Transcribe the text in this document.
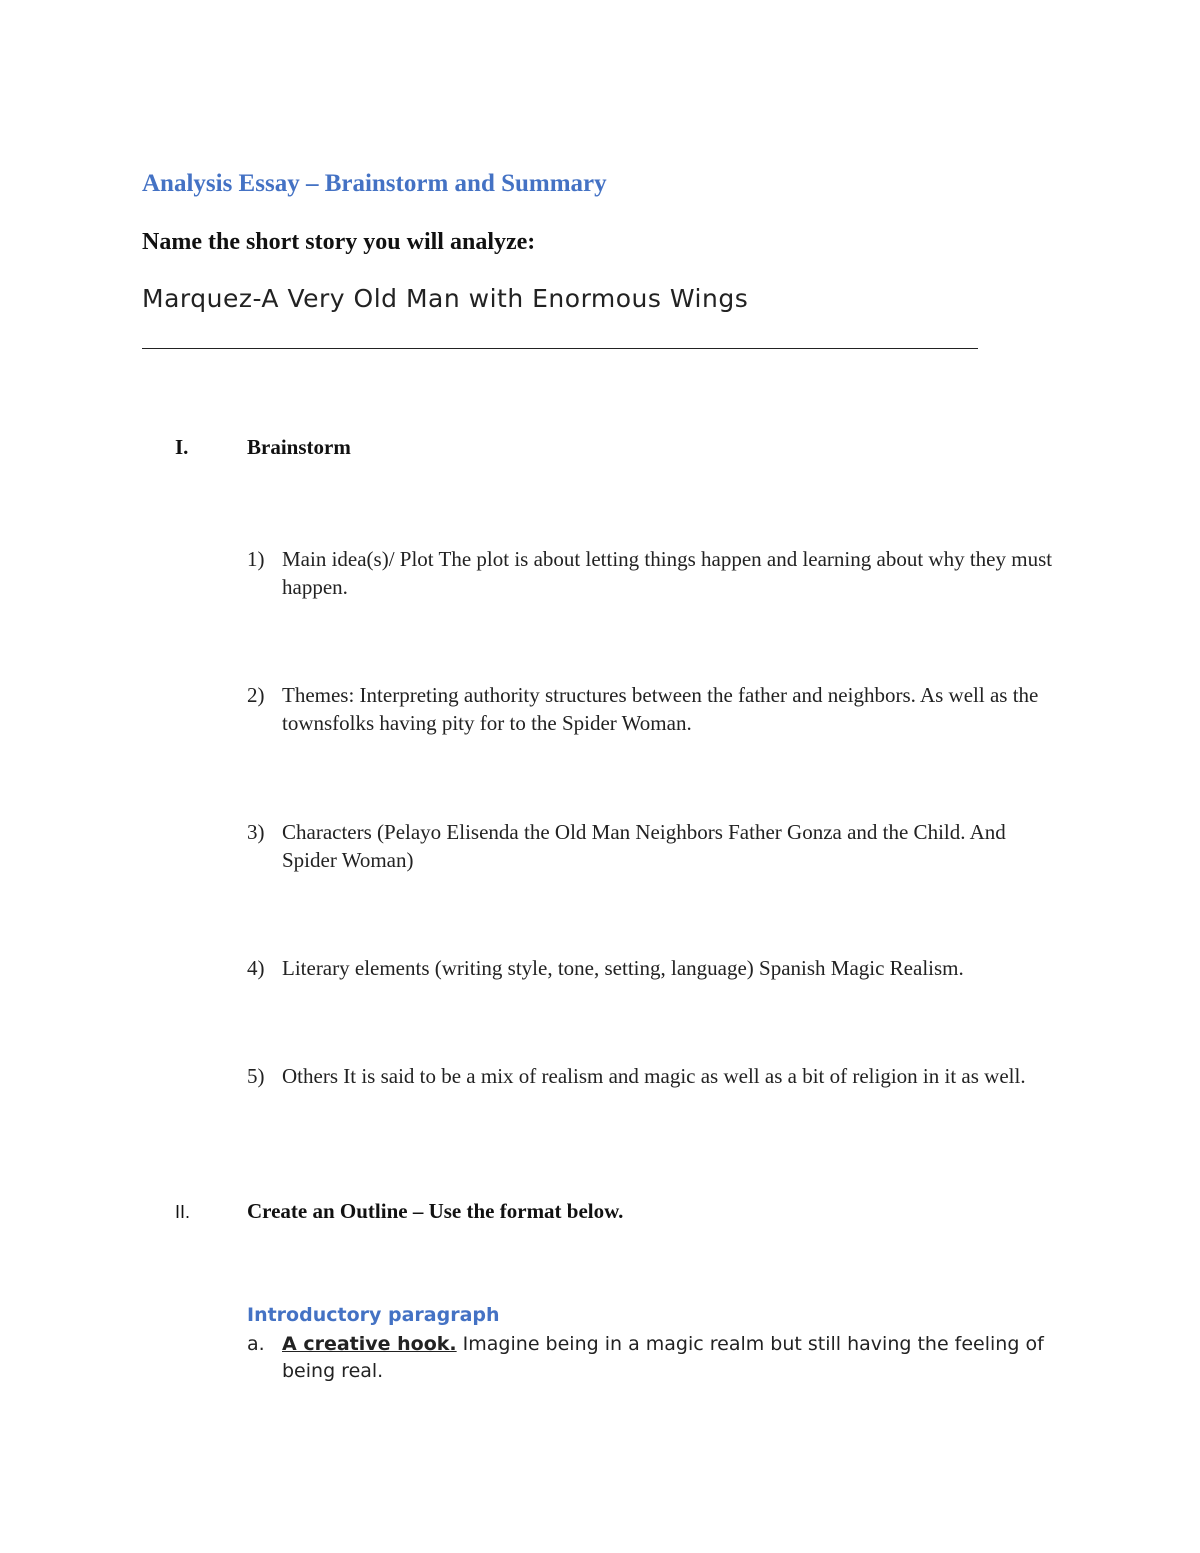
Analysis Essay – Brainstorm and Summary
Name the short story you will analyze:
Marquez-A Very Old Man with Enormous Wings
I.	Brainstorm
1) Main idea(s)/ Plot The plot is about letting things happen and learning about why they must happen.
2) Themes: Interpreting authority structures between the father and neighbors. As well as the townsfolks having pity for to the Spider Woman.
3) Characters (Pelayo Elisenda the Old Man Neighbors Father Gonza and the Child. And Spider Woman)
4) Literary elements (writing style, tone, setting, language) Spanish Magic Realism.
5) Others It is said to be a mix of realism and magic as well as a bit of religion in it as well.
II.	Create an Outline – Use the format below.
Introductory paragraph
a. A creative hook. Imagine being in a magic realm but still having the feeling of being real.
